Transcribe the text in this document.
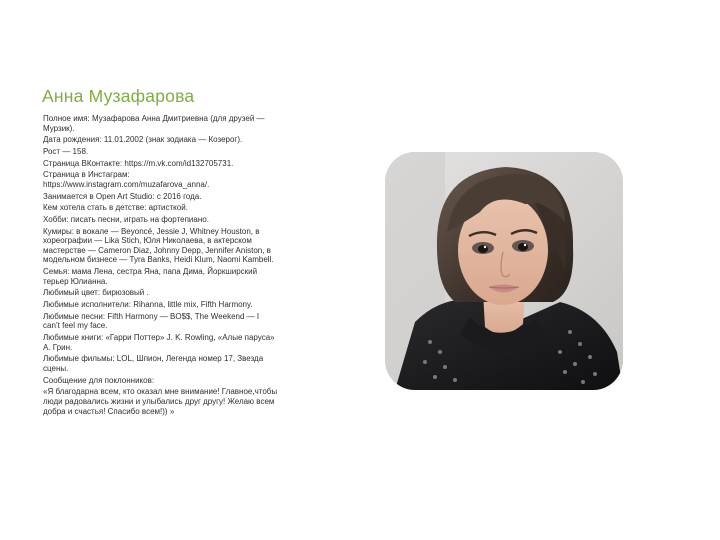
Анна Музафарова

Полное имя: Музафарова Анна Дмитриевна (для друзей — Мурзик).

Дата рождения: 11.01.2002 (знак зодиака — Козерог).

Рост — 158.

Страница ВКонтакте: https://m.vk.com/id132705731.

Страница в Инстаграм: https://www.instagram.com/muzafarova_anna/.

Занимается в Open Art Studio: с 2016 года.

Кем хотела стать в детстве: артисткой.

Хобби: писать песни, играть на фортепиано.

Кумиры: в вокале — Beyoncé, Jessie J, Whitney Houston, в хореографии — Lika Stich, Юля Николаева, в актерском мастерстве — Cameron Diaz, Johnny Depp, Jennifer Aniston, в модельном бизнесе — Tyra Banks, Heidi Klum, Naomi Kambell.

Семья: мама Лена, сестра Яна, папа Дима, Йоркширский терьер Юлианна.

Любимый цвет: бирюзовый .

Любимые исполнители: Rihanna, little mix, Fifth Harmony.

Любимые песни: Fifth Harmony — BO$$, The Weekend — I can’t feel my face.

Любимые книги: «Гарри Поттер» J. K. Rowling, «Алые паруса» А. Грин.

Любимые фильмы: LOL, Шпион, Легенда номер 17, Звезда сцены.

Сообщение для поклонников:

«Я благодарна всем, кто оказал мне внимание! Главное,чтобы люди радовались жизни и улыбались друг другу! Желаю всем добра и счастья! Спасибо всем!)) »
